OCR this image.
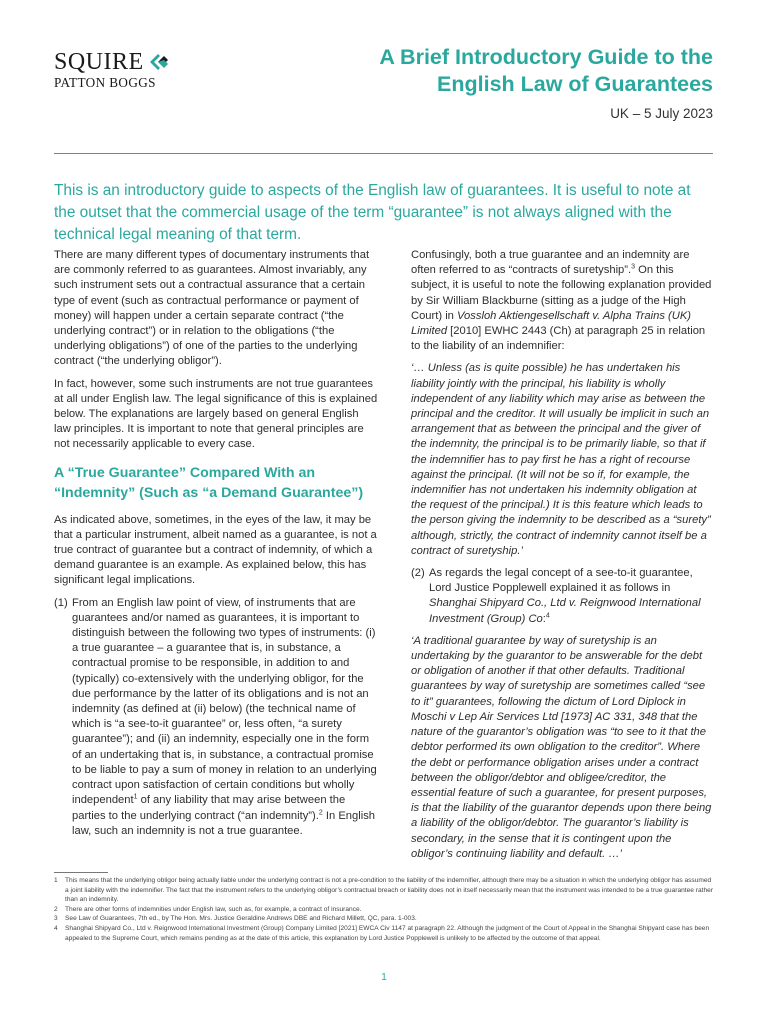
SQUIRE
PATTON BOGGS
A Brief Introductory Guide to the
English Law of Guarantees
UK – 5 July 2023
This is an introductory guide to aspects of the English law of guarantees. It is useful to note at the outset that the commercial usage of the term “guarantee” is not always aligned with the technical legal meaning of that term.

There are many different types of documentary instruments that are commonly referred to as guarantees. Almost invariably, any such instrument sets out a contractual assurance that a certain type of event (such as contractual performance or payment of money) will happen under a certain separate contract (“the underlying contract”) or in relation to the obligations (“the underlying obligations”) of one of the parties to the underlying contract (“the underlying obligor”).

In fact, however, some such instruments are not true guarantees at all under English law. The legal significance of this is explained below. The explanations are largely based on general English law principles. It is important to note that general principles are not necessarily applicable to every case.

A “True Guarantee” Compared With an “Indemnity” (Such as “a Demand Guarantee”)

As indicated above, sometimes, in the eyes of the law, it may be that a particular instrument, albeit named as a guarantee, is not a true contract of guarantee but a contract of indemnity, of which a demand guarantee is an example. As explained below, this has significant legal implications.

(1) From an English law point of view, of instruments that are guarantees and/or named as guarantees, it is important to distinguish between the following two types of instruments: (i) a true guarantee – a guarantee that is, in substance, a contractual promise to be responsible, in addition to and (typically) co-extensively with the underlying obligor, for the due performance by the latter of its obligations and is not an indemnity (as defined at (ii) below) (the technical name of which is “a see-to-it guarantee” or, less often, “a surety guarantee”); and (ii) an indemnity, especially one in the form of an undertaking that is, in substance, a contractual promise to be liable to pay a sum of money in relation to an underlying contract upon satisfaction of certain conditions but wholly independent$^1$ of any liability that may arise between the parties to the underlying contract (“an indemnity”).$^2$ In English law, such an indemnity is not a true guarantee.

Confusingly, both a true guarantee and an indemnity are often referred to as “contracts of suretyship”.$^3$ On this subject, it is useful to note the following explanation provided by Sir William Blackburne (sitting as a judge of the High Court) in Vossloh Aktiengesellschaft v. Alpha Trains (UK) Limited [2010] EWHC 2443 (Ch) at paragraph 25 in relation to the liability of an indemnifier:

‘… Unless (as is quite possible) he has undertaken his liability jointly with the principal, his liability is wholly independent of any liability which may arise as between the principal and the creditor. It will usually be implicit in such an arrangement that as between the principal and the giver of the indemnity, the principal is to be primarily liable, so that if the indemnifier has to pay first he has a right of recourse against the principal. (It will not be so if, for example, the indemnifier has not undertaken his indemnity obligation at the request of the principal.) It is this feature which leads to the person giving the indemnity to be described as a “surety” although, strictly, the contract of indemnity cannot itself be a contract of suretyship.’

(2) As regards the legal concept of a see-to-it guarantee, Lord Justice Popplewell explained it as follows in Shanghai Shipyard Co., Ltd v. Reignwood International Investment (Group) Co:$^4$

‘A traditional guarantee by way of suretyship is an undertaking by the guarantor to be answerable for the debt or obligation of another if that other defaults. Traditional guarantees by way of suretyship are sometimes called “see to it” guarantees, following the dictum of Lord Diplock in Moschi v Lep Air Services Ltd [1973] AC 331, 348 that the nature of the guarantor’s obligation was “to see to it that the debtor performed its own obligation to the creditor”. Where the debt or performance obligation arises under a contract between the obligor/debtor and obligee/creditor, the essential feature of such a guarantee, for present purposes, is that the liability of the guarantor depends upon there being a liability of the obligor/debtor. The guarantor’s liability is secondary, in the sense that it is contingent upon the obligor’s continuing liability and default. …’

1	This means that the underlying obligor being actually liable under the underlying contract is not a pre-condition to the liability of the indemnifier, although there may be a situation in which the underlying obligor has assumed a joint liability with the indemnifier. The fact that the instrument refers to the underlying obligor’s contractual breach or liability does not in itself necessarily mean that the instrument was intended to be a true guarantee rather than an indemnity.
2	There are other forms of indemnities under English law, such as, for example, a contract of insurance.
3	See Law of Guarantees, 7th ed., by The Hon. Mrs. Justice Geraldine Andrews DBE and Richard Millett, QC, para. 1-003.
4	Shanghai Shipyard Co., Ltd v. Reignwood International Investment (Group) Company Limited [2021] EWCA Civ 1147 at paragraph 22. Although the judgment of the Court of Appeal in the Shanghai Shipyard case has been appealed to the Supreme Court, which remains pending as at the date of this article, this explanation by Lord Justice Popplewell is unlikely to be affected by the outcome of that appeal.
1
